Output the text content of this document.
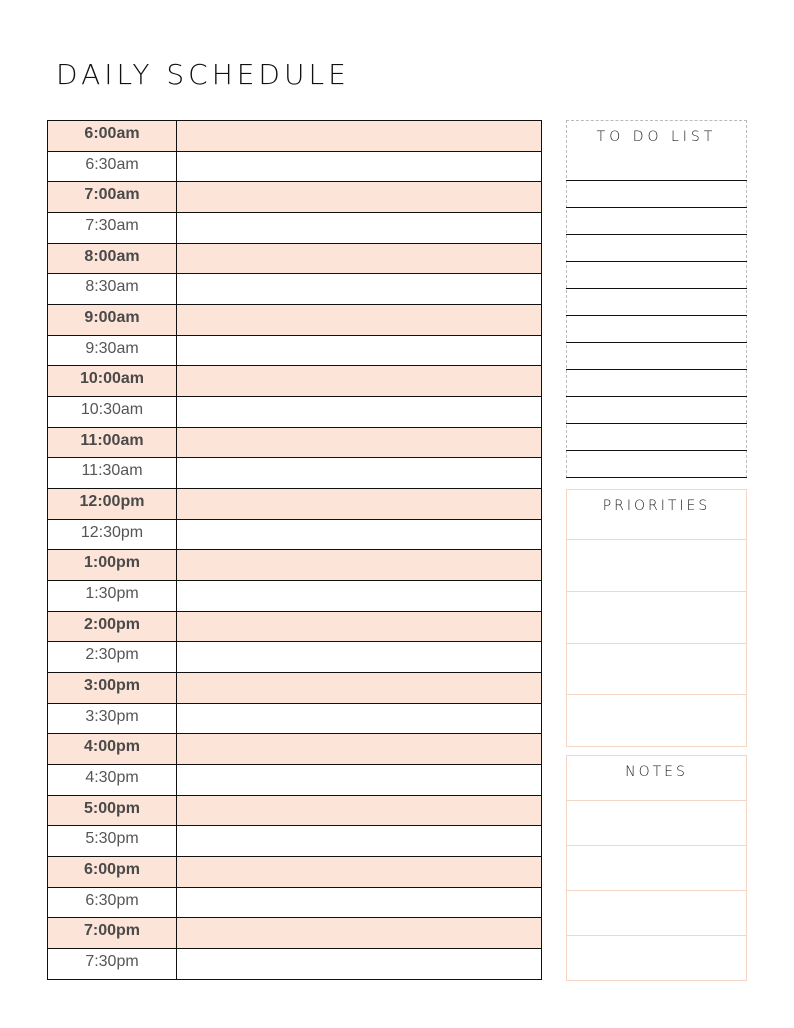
DAILY SCHEDULE
6:00am
6:30am
7:00am
7:30am
8:00am
8:30am
9:00am
9:30am
10:00am
10:30am
11:00am
11:30am
12:00pm
12:30pm
1:00pm
1:30pm
2:00pm
2:30pm
3:00pm
3:30pm
4:00pm
4:30pm
5:00pm
5:30pm
6:00pm
6:30pm
7:00pm
7:30pm
TO DO LIST
PRIORITIES
NOTES
